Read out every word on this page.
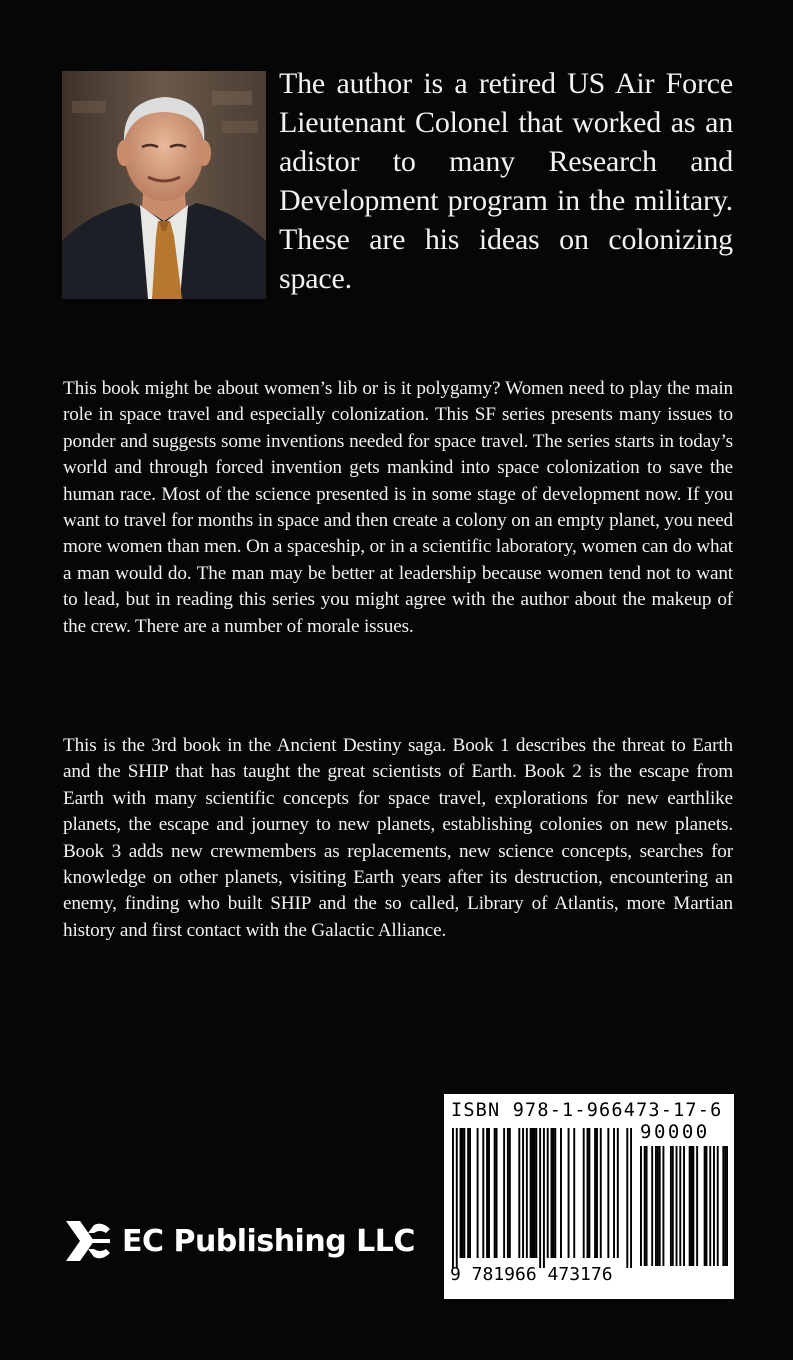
The author is a retired US Air Force Lieutenant Colonel that worked as an adistor to many Research and Development program in the military. These are his ideas on colonizing space.

This book might be about women’s lib or is it polygamy? Women need to play the main role in space travel and especially colonization. This SF series presents many issues to ponder and suggests some inventions needed for space travel. The series starts in today’s world and through forced invention gets mankind into space colonization to save the human race. Most of the science presented is in some stage of development now. If you want to travel for months in space and then create a colony on an empty planet, you need more women than men. On a spaceship, or in a scientific laboratory, women can do what a man would do. The man may be better at leadership because women tend not to want to lead, but in reading this series you might agree with the author about the makeup of the crew. There are a number of morale issues.

This is the 3rd book in the Ancient Destiny saga. Book 1 describes the threat to Earth and the SHIP that has taught the great scientists of Earth. Book 2 is the escape from Earth with many scientific concepts for space travel, explorations for new earthlike planets, the escape and journey to new planets, establishing colonies on new planets. Book 3 adds new crewmembers as replacements, new science concepts, searches for knowledge on other planets, visiting Earth years after its destruction, encountering an enemy, finding who built SHIP and the so called, Library of Atlantis, more Martian history and first contact with the Galactic Alliance.

EC Publishing LLC
ISBN 978-1-966473-17-6
90000
9 781966 473176
